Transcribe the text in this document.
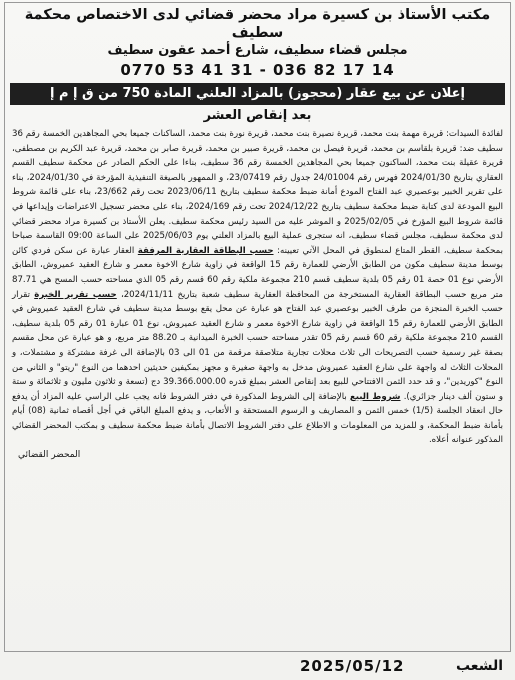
مكتب الأستاذ بن كسيرة مراد محضر قضائي لدى الاختصاص محكمة سطيف
مجلس قضاء سطيف، شارع أحمد عقون سطيف
0770 53 41 31 - 036 82 17 14
إعلان عن بيع عقار (محجوز) بالمزاد العلني المادة 750 من ق إ م إ
بعد إنقاص العشر

لفائدة السيدات: قريرة مهمة بنت محمد، قريرة نصيرة بنت محمد، قريرة نورة بنت محمد، الساكنات جميعا بحي المجاهدين الخمسة رقم 36 سطيف ضد: قريرة بلقاسم بن محمد، قريرة فيصل بن محمد، قريرة صبير بن محمد، قريرة صابر بن محمد، قريرة عبد الكريم بن مصطفى، قريرة عقيلة بنت محمد، الساكنون جميعا بحي المجاهدين الخمسة رقم 36 سطيف، بناءا على الحكم الصادر عن محكمة سطيف القسم العقاري بتاريخ 2024/01/30 فهرس رقم 24/01004 جدول رقم 23/07419، و الممهور بالصيغة التنفيذية المؤرخة في 2024/01/30، بناء على تقرير الخبير بوعصيري عبد الفتاح المودع أمانة ضبط محكمة سطيف بتاريخ 2023/06/11 تحت رقم 23/662، بناء على قائمة شروط البيع المودعة لدى كتابة ضبط محكمة سطيف بتاريخ 2024/12/22 تحت رقم 2024/169، بناء على محضر تسجيل الاعتراضات وإيداعها في قائمة شروط البيع المؤرخ في 2025/02/05 و الموشر عليه من السيد رئيس محكمة سطيف. يعلن الأستاذ بن كسيرة مراد محضر قضائي لدى محكمة سطيف، مجلس قضاء سطيف، انه ستجرى عملية البيع بالمزاد العلني يوم 2025/06/03 على الساعة 09:00 القاسمة صباحا بمحكمة سطيف، القطر المتاع لمنطوق في المحل الآتي تعيينه: حسب البطاقة العقارية المرفقة العقار عبارة عن سكن فردي كائن بوسط مدينة سطيف مكون من الطابق الأرضي للعمارة رقم 15 الواقعة في زاوية شارع الاخوة معمر و شارع العقيد عميروش، الطابق الأرضي نوع 01 حصة 01 رقم 05 بلدية سطيف قسم 210 مجموعة ملكية رقم 60 قسم رقم 05 الذي مساحته حسب المسح هي 87.71 متر مربع حسب البطاقة العقارية المستخرجة من المحافظة العقارية سطيف شعبة بتاريخ 2024/11/11، حسب تقرير الخبرة تقرار حسب الخبرة المنجزة من طرف الخبير بوعصيري عبد الفتاح هو عبارة عن محل يقع بوسط مدينة سطيف في شارع العقيد عميروش في الطابق الأرضي للعمارة رقم 15 الواقعة في زاوية شارع الاخوة معمر و شارع العقيد عميروش، نوع 01 عبارة 01 رقم 05 بلدية سطيف، القسم 210 مجموعة ملكية رقم 60 قسم رقم 05 تقدر مساحته حسب الخبرة الميدانية بـ 88.20 متر مربع، و هو عبارة عن محل مقسم بصفة غير رسمية حسب التصريحات الى ثلاث محلات تجارية متلاصقة مرقمة من 01 الى 03 بالإضافة الى غرفة مشتركة و مشتملات، و المحلات الثلاث له واجهة على شارع العقيد عميروش مدخل به واجهة صغيرة و مجهز بمكيفين حديثين احدهما من النوع "ريتو" و الثاني من النوع "كوريدين"، و قد حدد الثمن الافتتاحي للبيع بعد إنقاص العشر بمبلغ قدره 39.366.000.00 دج (تسعة و ثلاثون مليون و ثلاثمائة و ستة و ستون ألف دينار جزائري). شروط البيع بالإضافة إلى الشروط المذكورة في دفتر الشروط فانه يجب على الراسي عليه المزاد أن يدفع حال انعقاد الجلسة (1/5) خمس الثمن و المصاريف و الرسوم المستحقة و الأتعاب، و يدفع المبلغ الباقي في أجل أقصاه ثمانية (08) أيام بأمانة ضبط المحكمة، و للمزيد من المعلومات و الاطلاع على دفتر الشروط الاتصال بأمانة ضبط محكمة سطيف و بمكتب المحضر القضائي المذكور عنوانه أعلاه.

المحضر القضائي
2025/05/12	الشعب
